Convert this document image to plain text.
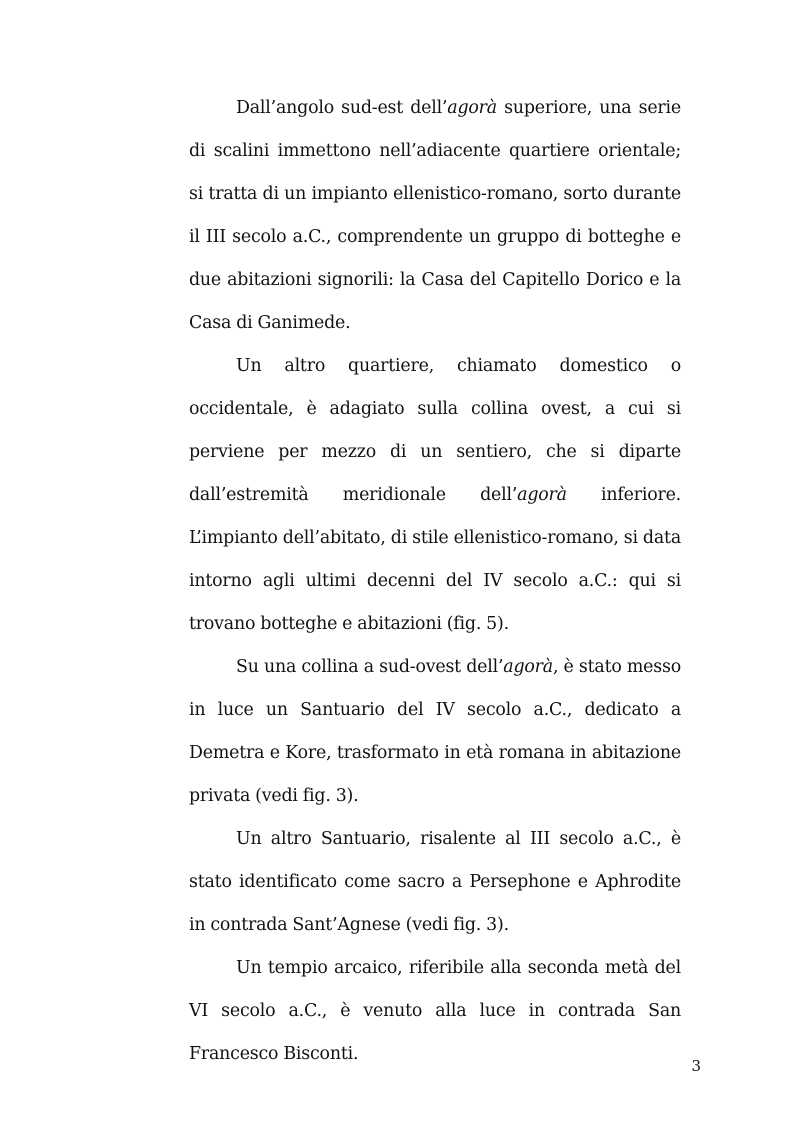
Dall’angolo sud-est dell’agorà superiore, una serie di scalini immettono nell’adiacente quartiere orientale; si tratta di un impianto ellenistico-romano, sorto durante il III secolo a.C., comprendente un gruppo di botteghe e due abitazioni signorili: la Casa del Capitello Dorico e la Casa di Ganimede.

Un altro quartiere, chiamato domestico o occidentale, è adagiato sulla collina ovest, a cui si perviene per mezzo di un sentiero, che si diparte dall’estremità meridionale dell’agorà inferiore. L’impianto dell’abitato, di stile ellenistico-romano, si data intorno agli ultimi decenni del IV secolo a.C.: qui si trovano botteghe e abitazioni (fig. 5).

Su una collina a sud-ovest dell’agorà, è stato messo in luce un Santuario del IV secolo a.C., dedicato a Demetra e Kore, trasformato in età romana in abitazione privata (vedi fig. 3).

Un altro Santuario, risalente al III secolo a.C., è stato identificato come sacro a Persephone e Aphrodite in contrada Sant’Agnese (vedi fig. 3).

Un tempio arcaico, riferibile alla seconda metà del VI secolo a.C., è venuto alla luce in contrada San Francesco Bisconti.

3
